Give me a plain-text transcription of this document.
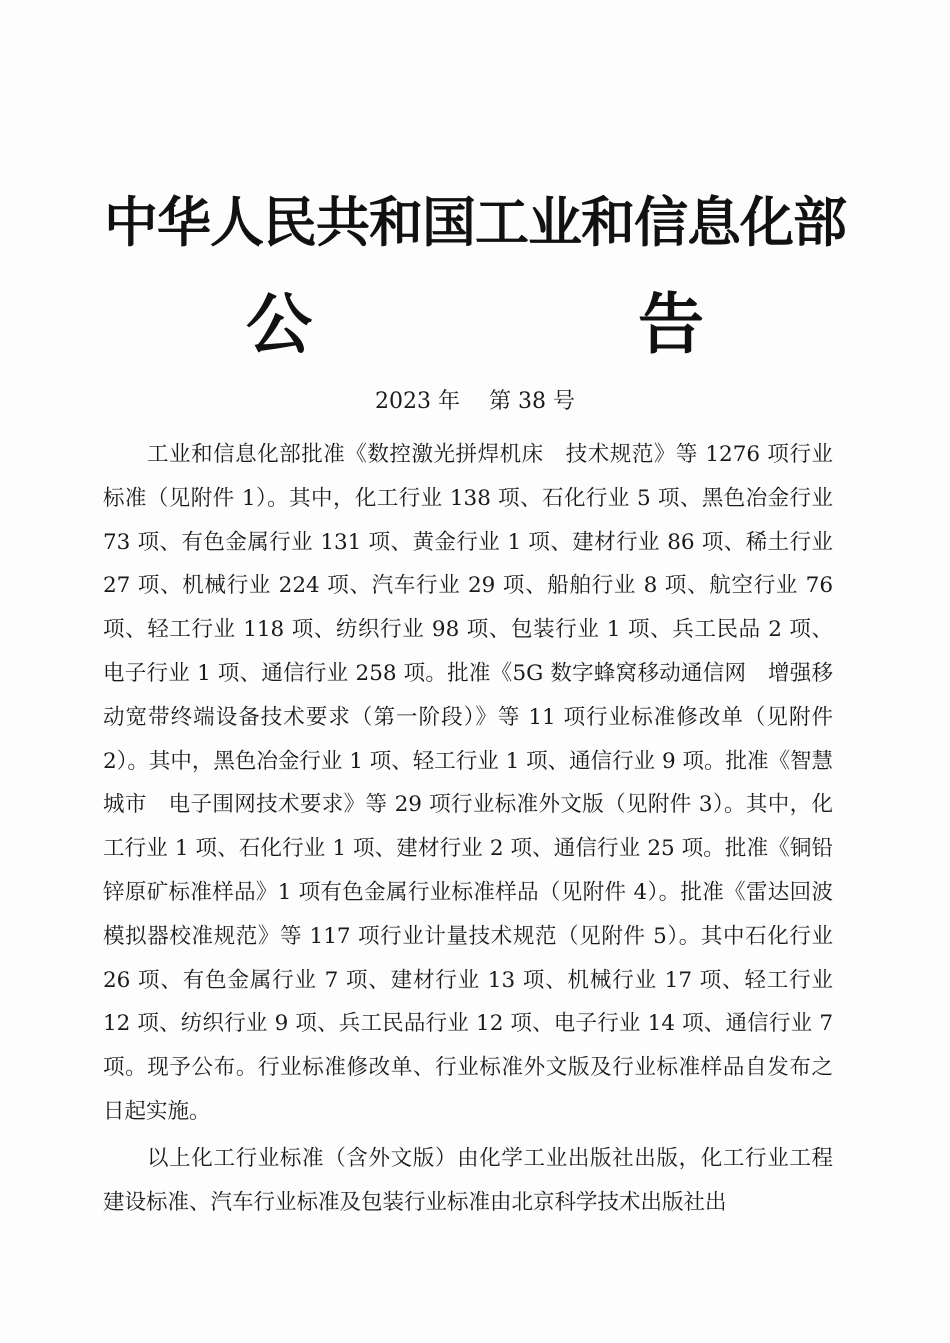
中华人民共和国工业和信息化部
公　告
2023 年 第 38 号

工业和信息化部批准《数控激光拼焊机床　技术规范》等 1276 项行业标准（见附件 1）。其中，化工行业 138 项、石化行业 5 项、黑色冶金行业 73 项、有色金属行业 131 项、黄金行业 1 项、建材行业 86 项、稀土行业 27 项、机械行业 224 项、汽车行业 29 项、船舶行业 8 项、航空行业 76 项、轻工行业 118 项、纺织行业 98 项、包装行业 1 项、兵工民品 2 项、电子行业 1 项、通信行业 258 项。批准《5G 数字蜂窝移动通信网　增强移动宽带终端设备技术要求（第一阶段）》等 11 项行业标准修改单（见附件 2）。其中，黑色冶金行业 1 项、轻工行业 1 项、通信行业 9 项。批准《智慧城市　电子围网技术要求》等 29 项行业标准外文版（见附件 3）。其中，化工行业 1 项、石化行业 1 项、建材行业 2 项、通信行业 25 项。批准《铜铅锌原矿标准样品》1 项有色金属行业标准样品（见附件 4）。批准《雷达回波模拟器校准规范》等 117 项行业计量技术规范（见附件 5）。其中石化行业 26 项、有色金属行业 7 项、建材行业 13 项、机械行业 17 项、轻工行业 12 项、纺织行业 9 项、兵工民品行业 12 项、电子行业 14 项、通信行业 7 项。现予公布。行业标准修改单、行业标准外文版及行业标准样品自发布之日起实施。

以上化工行业标准（含外文版）由化学工业出版社出版，化工行业工程建设标准、汽车行业标准及包装行业标准由北京科学技术出版社出
